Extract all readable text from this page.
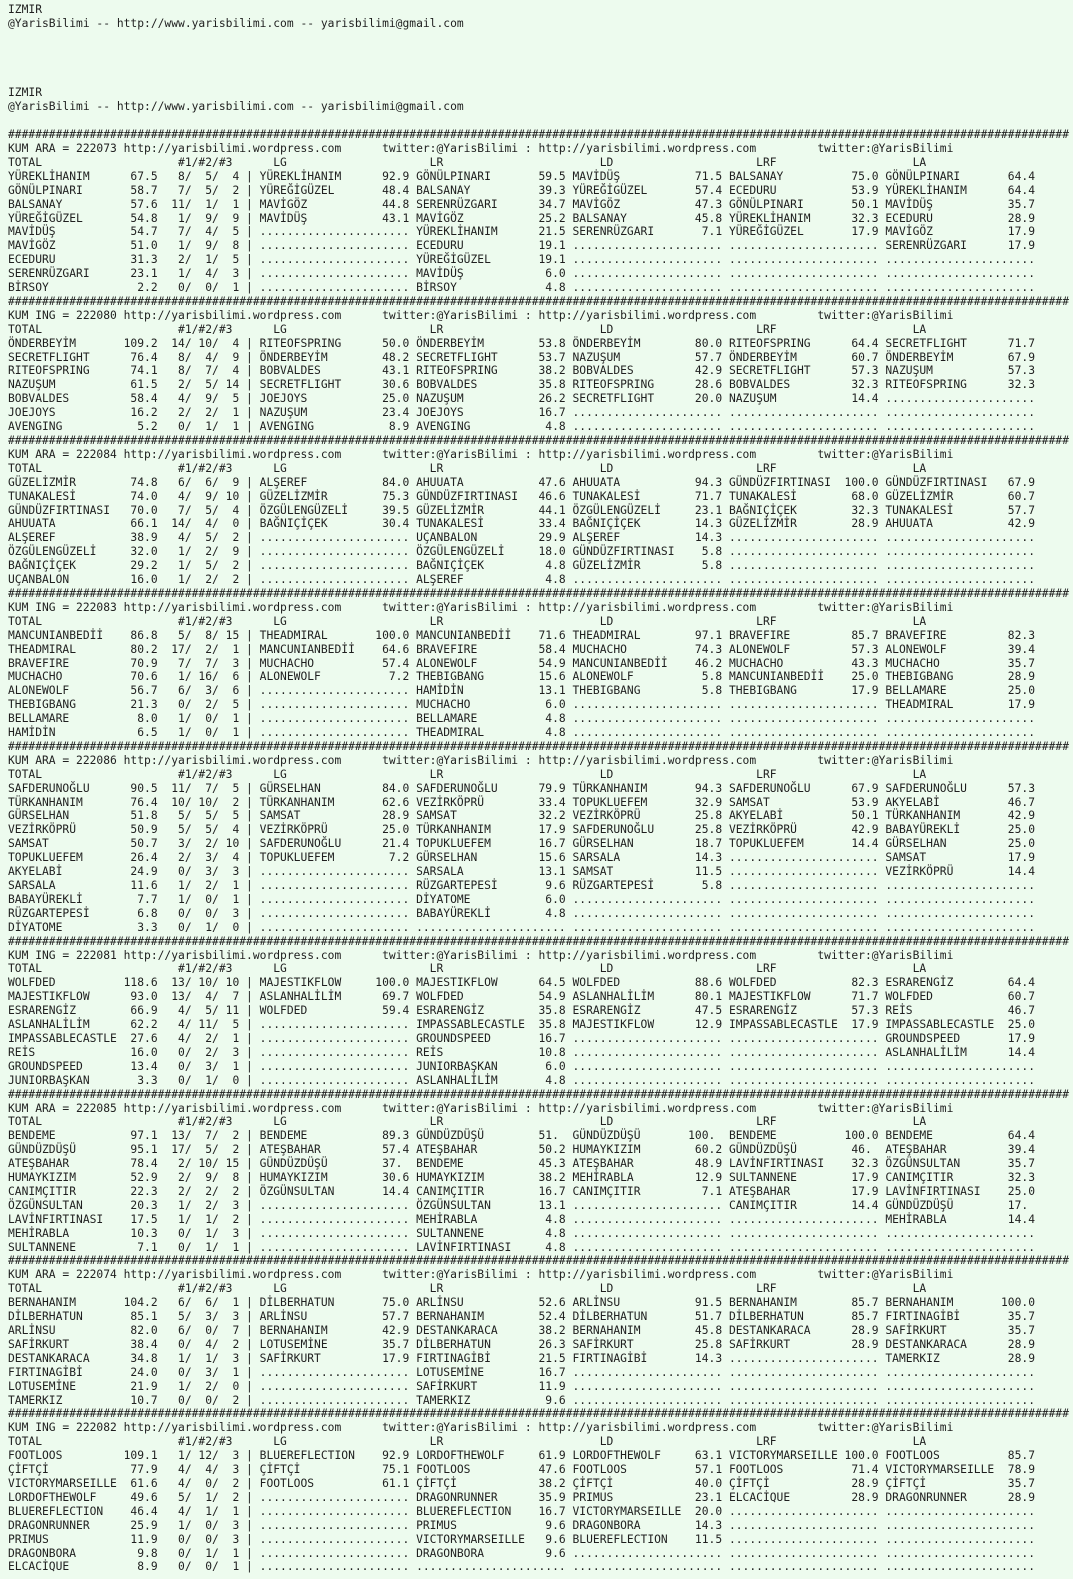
IZMIR
@YarisBilimi -- http://www.yarisbilimi.com -- yarisbilimi@gmail.com
IZMIR
@YarisBilimi -- http://www.yarisbilimi.com -- yarisbilimi@gmail.com
############################################################################################################################################################
KUM ARA = 222073 http://yarisbilimi.wordpress.com      twitter:@YarisBilimi : http://yarisbilimi.wordpress.com         twitter:@YarisBilimi
TOTAL                    #1/#2/#3      LG                     LR                       LD                     LRF                    LA
YÜREKLİHANIM      67.5   8/  5/  4 | YÜREKLİHANIM      92.9 GÖNÜLPINARI       59.5 MAVİDÜŞ           71.5 BALSANAY          75.0 GÖNÜLPINARI       64.4
GÖNÜLPINARI       58.7   7/  5/  2 | YÜREĞİGÜZEL       48.4 BALSANAY          39.3 YÜREĞİGÜZEL       57.4 ECEDURU           53.9 YÜREKLİHANIM      64.4
BALSANAY          57.6  11/  1/  1 | MAVİGÖZ           44.8 SERENRÜZGARI      34.7 MAVİGÖZ           47.3 GÖNÜLPINARI       50.1 MAVİDÜŞ           35.7
YÜREĞİGÜZEL       54.8   1/  9/  9 | MAVİDÜŞ           43.1 MAVİGÖZ           25.2 BALSANAY          45.8 YÜREKLİHANIM      32.3 ECEDURU           28.9
MAVİDÜŞ           54.7   7/  4/  5 | ...................... YÜREKLİHANIM      21.5 SERENRÜZGARI       7.1 YÜREĞİGÜZEL       17.9 MAVİGÖZ           17.9
MAVİGÖZ           51.0   1/  9/  8 | ...................... ECEDURU           19.1 ...................... ...................... SERENRÜZGARI      17.9
ECEDURU           31.3   2/  1/  5 | ...................... YÜREĞİGÜZEL       19.1 ...................... ...................... ......................
SERENRÜZGARI      23.1   1/  4/  3 | ...................... MAVİDÜŞ            6.0 ...................... ...................... ......................
BİRSOY             2.2   0/  0/  1 | ...................... BİRSOY             4.8 ...................... ...................... ......................
############################################################################################################################################################
KUM ING = 222080 http://yarisbilimi.wordpress.com      twitter:@YarisBilimi : http://yarisbilimi.wordpress.com         twitter:@YarisBilimi
TOTAL                    #1/#2/#3      LG                     LR                       LD                     LRF                    LA
ÖNDERBEYİM       109.2  14/ 10/  4 | RITEOFSPRING      50.0 ÖNDERBEYİM        53.8 ÖNDERBEYİM        80.0 RITEOFSPRING      64.4 SECRETFLIGHT      71.7
SECRETFLIGHT      76.4   8/  4/  9 | ÖNDERBEYİM        48.2 SECRETFLIGHT      53.7 NAZUŞUM           57.7 ÖNDERBEYİM        60.7 ÖNDERBEYİM        67.9
RITEOFSPRING      74.1   8/  7/  4 | BOBVALDES         43.1 RITEOFSPRING      38.2 BOBVALDES         42.9 SECRETFLIGHT      57.3 NAZUŞUM           57.3
NAZUŞUM           61.5   2/  5/ 14 | SECRETFLIGHT      30.6 BOBVALDES         35.8 RITEOFSPRING      28.6 BOBVALDES         32.3 RITEOFSPRING      32.3
BOBVALDES         58.4   4/  9/  5 | JOEJOYS           25.0 NAZUŞUM           26.2 SECRETFLIGHT      20.0 NAZUŞUM           14.4 ......................
JOEJOYS           16.2   2/  2/  1 | NAZUŞUM           23.4 JOEJOYS           16.7 ...................... ...................... ......................
AVENGING           5.2   0/  1/  1 | AVENGING           8.9 AVENGING           4.8 ...................... ...................... ......................
############################################################################################################################################################
KUM ARA = 222084 http://yarisbilimi.wordpress.com      twitter:@YarisBilimi : http://yarisbilimi.wordpress.com         twitter:@YarisBilimi
TOTAL                    #1/#2/#3      LG                     LR                       LD                     LRF                    LA
GÜZELİZMİR        74.8   6/  6/  9 | ALŞEREF           84.0 AHUUATA           47.6 AHUUATA           94.3 GÜNDÜZFIRTINASI  100.0 GÜNDÜZFIRTINASI   67.9
TUNAKALESİ        74.0   4/  9/ 10 | GÜZELİZMİR        75.3 GÜNDÜZFIRTINASI   46.6 TUNAKALESİ        71.7 TUNAKALESİ        68.0 GÜZELİZMİR        60.7
GÜNDÜZFIRTINASI   70.0   7/  5/  4 | ÖZGÜLENGÜZELİ     39.5 GÜZELİZMİR        44.1 ÖZGÜLENGÜZELİ     23.1 BAĞNIÇİÇEK        32.3 TUNAKALESİ        57.7
AHUUATA           66.1  14/  4/  0 | BAĞNIÇİÇEK        30.4 TUNAKALESİ        33.4 BAĞNIÇİÇEK        14.3 GÜZELİZMİR        28.9 AHUUATA           42.9
ALŞEREF           38.9   4/  5/  2 | ...................... UÇANBALON         29.9 ALŞEREF           14.3 ...................... ......................
ÖZGÜLENGÜZELİ     32.0   1/  2/  9 | ...................... ÖZGÜLENGÜZELİ     18.0 GÜNDÜZFIRTINASI    5.8 ...................... ......................
BAĞNIÇİÇEK        29.2   1/  5/  2 | ...................... BAĞNIÇİÇEK         4.8 GÜZELİZMİR         5.8 ...................... ......................
UÇANBALON         16.0   1/  2/  2 | ...................... ALŞEREF            4.8 ...................... ...................... ......................
############################################################################################################################################################
KUM ING = 222083 http://yarisbilimi.wordpress.com      twitter:@YarisBilimi : http://yarisbilimi.wordpress.com         twitter:@YarisBilimi
TOTAL                    #1/#2/#3      LG                     LR                       LD                     LRF                    LA
MANCUNIANBEDİİ    86.8   5/  8/ 15 | THEADMIRAL       100.0 MANCUNIANBEDİİ    71.6 THEADMIRAL        97.1 BRAVEFIRE         85.7 BRAVEFIRE         82.3
THEADMIRAL        80.2  17/  2/  1 | MANCUNIANBEDİİ    64.6 BRAVEFIRE         58.4 MUCHACHO          74.3 ALONEWOLF         57.3 ALONEWOLF         39.4
BRAVEFIRE         70.9   7/  7/  3 | MUCHACHO          57.4 ALONEWOLF         54.9 MANCUNIANBEDİİ    46.2 MUCHACHO          43.3 MUCHACHO          35.7
MUCHACHO          70.6   1/ 16/  6 | ALONEWOLF          7.2 THEBIGBANG        15.6 ALONEWOLF          5.8 MANCUNIANBEDİİ    25.0 THEBIGBANG        28.9
ALONEWOLF         56.7   6/  3/  6 | ...................... HAMİDİN           13.1 THEBIGBANG         5.8 THEBIGBANG        17.9 BELLAMARE         25.0
THEBIGBANG        21.3   0/  2/  5 | ...................... MUCHACHO           6.0 ...................... ...................... THEADMIRAL        17.9
BELLAMARE          8.0   1/  0/  1 | ...................... BELLAMARE          4.8 ...................... ...................... ......................
HAMİDİN            6.5   1/  0/  1 | ...................... THEADMIRAL         4.8 ...................... ...................... ......................
############################################################################################################################################################
KUM ARA = 222086 http://yarisbilimi.wordpress.com      twitter:@YarisBilimi : http://yarisbilimi.wordpress.com         twitter:@YarisBilimi
TOTAL                    #1/#2/#3      LG                     LR                       LD                     LRF                    LA
SAFDERUNOĞLU      90.5  11/  7/  5 | GÜRSELHAN         84.0 SAFDERUNOĞLU      79.9 TÜRKANHANIM       94.3 SAFDERUNOĞLU      67.9 SAFDERUNOĞLU      57.3
TÜRKANHANIM       76.4  10/ 10/  2 | TÜRKANHANIM       62.6 VEZİRKÖPRÜ        33.4 TOPUKLUEFEM       32.9 SAMSAT            53.9 AKYELABİ          46.7
GÜRSELHAN         51.8   5/  5/  5 | SAMSAT            28.9 SAMSAT            32.2 VEZİRKÖPRÜ        25.8 AKYELABİ          50.1 TÜRKANHANIM       42.9
VEZİRKÖPRÜ        50.9   5/  5/  4 | VEZİRKÖPRÜ        25.0 TÜRKANHANIM       17.9 SAFDERUNOĞLU      25.8 VEZİRKÖPRÜ        42.9 BABAYÜREKLİ       25.0
SAMSAT            50.7   3/  2/ 10 | SAFDERUNOĞLU      21.4 TOPUKLUEFEM       16.7 GÜRSELHAN         18.7 TOPUKLUEFEM       14.4 GÜRSELHAN         25.0
TOPUKLUEFEM       26.4   2/  3/  4 | TOPUKLUEFEM        7.2 GÜRSELHAN         15.6 SARSALA           14.3 ...................... SAMSAT            17.9
AKYELABİ          24.9   0/  3/  3 | ...................... SARSALA           13.1 SAMSAT            11.5 ...................... VEZİRKÖPRÜ        14.4
SARSALA           11.6   1/  2/  1 | ...................... RÜZGARTEPESİ       9.6 RÜZGARTEPESİ       5.8 ...................... ......................
BABAYÜREKLİ        7.7   1/  0/  1 | ...................... DİYATOME           6.0 ...................... ...................... ......................
RÜZGARTEPESİ       6.8   0/  0/  3 | ...................... BABAYÜREKLİ        4.8 ...................... ...................... ......................
DİYATOME           3.3   0/  1/  0 | ...................... ...................... ...................... ...................... ......................
############################################################################################################################################################
KUM ING = 222081 http://yarisbilimi.wordpress.com      twitter:@YarisBilimi : http://yarisbilimi.wordpress.com         twitter:@YarisBilimi
TOTAL                    #1/#2/#3      LG                     LR                       LD                     LRF                    LA
WOLFDED          118.6  13/ 10/ 10 | MAJESTIKFLOW     100.0 MAJESTIKFLOW      64.5 WOLFDED           88.6 WOLFDED           82.3 ESRARENGİZ        64.4
MAJESTIKFLOW      93.0  13/  4/  7 | ASLANHALİLİM      69.7 WOLFDED           54.9 ASLANHALİLİM      80.1 MAJESTIKFLOW      71.7 WOLFDED           60.7
ESRARENGİZ        66.9   4/  5/ 11 | WOLFDED           59.4 ESRARENGİZ        35.8 ESRARENGİZ        47.5 ESRARENGİZ        57.3 REİS              46.7
ASLANHALİLİM      62.2   4/ 11/  5 | ...................... IMPASSABLECASTLE  35.8 MAJESTIKFLOW      12.9 IMPASSABLECASTLE  17.9 IMPASSABLECASTLE  25.0
IMPASSABLECASTLE  27.6   4/  2/  1 | ...................... GROUNDSPEED       16.7 ...................... ...................... GROUNDSPEED       17.9
REİS              16.0   0/  2/  3 | ...................... REİS              10.8 ...................... ...................... ASLANHALİLİM      14.4
GROUNDSPEED       13.4   0/  3/  1 | ...................... JUNIORBAŞKAN       6.0 ...................... ...................... ......................
JUNIORBAŞKAN       3.3   0/  1/  0 | ...................... ASLANHALİLİM       4.8 ...................... ...................... ......................
############################################################################################################################################################
KUM ARA = 222085 http://yarisbilimi.wordpress.com      twitter:@YarisBilimi : http://yarisbilimi.wordpress.com         twitter:@YarisBilimi
TOTAL                    #1/#2/#3      LG                     LR                       LD                     LRF                    LA
BENDEME           97.1  13/  7/  2 | BENDEME           89.3 GÜNDÜZDÜŞÜ        51.  GÜNDÜZDÜŞÜ       100.  BENDEME          100.0 BENDEME           64.4
GÜNDÜZDÜŞÜ        95.1  17/  5/  2 | ATEŞBAHAR         57.4 ATEŞBAHAR         50.2 HUMAYKIZIM        60.2 GÜNDÜZDÜŞÜ        46.  ATEŞBAHAR         39.4
ATEŞBAHAR         78.4   2/ 10/ 15 | GÜNDÜZDÜŞÜ        37.  BENDEME           45.3 ATEŞBAHAR         48.9 LAVİNFIRTINASI    32.3 ÖZGÜNSULTAN       35.7
HUMAYKIZIM        52.9   2/  9/  8 | HUMAYKIZIM        30.6 HUMAYKIZIM        38.2 MEHİRABLA         12.9 SULTANNENE        17.9 CANIMÇITIR        32.3
CANIMÇITIR        22.3   2/  2/  2 | ÖZGÜNSULTAN       14.4 CANIMÇITIR        16.7 CANIMÇITIR         7.1 ATEŞBAHAR         17.9 LAVİNFIRTINASI    25.0
ÖZGÜNSULTAN       20.3   1/  2/  3 | ...................... ÖZGÜNSULTAN       13.1 ...................... CANIMÇITIR        14.4 GÜNDÜZDÜŞÜ        17.
LAVİNFIRTINASI    17.5   1/  1/  2 | ...................... MEHİRABLA          4.8 ...................... ...................... MEHİRABLA         14.4
MEHİRABLA         10.3   0/  1/  3 | ...................... SULTANNENE         4.8 ...................... ...................... ......................
SULTANNENE         7.1   0/  1/  1 | ...................... LAVİNFIRTINASI     4.8 ...................... ...................... ......................
############################################################################################################################################################
KUM ARA = 222074 http://yarisbilimi.wordpress.com      twitter:@YarisBilimi : http://yarisbilimi.wordpress.com         twitter:@YarisBilimi
TOTAL                    #1/#2/#3      LG                     LR                       LD                     LRF                    LA
BERNAHANIM       104.2   6/  6/  1 | DİLBERHATUN       75.0 ARLİNSU           52.6 ARLİNSU           91.5 BERNAHANIM        85.7 BERNAHANIM       100.0
DİLBERHATUN       85.1   5/  3/  3 | ARLİNSU           57.7 BERNAHANIM        52.4 DİLBERHATUN       51.7 DİLBERHATUN       85.7 FIRTINAGİBİ       35.7
ARLİNSU           82.0   6/  0/  7 | BERNAHANIM        42.9 DESTANKARACA      38.2 BERNAHANIM        45.8 DESTANKARACA      28.9 SAFİRKURT         35.7
SAFİRKURT         38.4   0/  4/  2 | LOTUSEMİNE        35.7 DİLBERHATUN       26.3 SAFİRKURT         25.8 SAFİRKURT         28.9 DESTANKARACA      28.9
DESTANKARACA      34.8   1/  1/  3 | SAFİRKURT         17.9 FIRTINAGİBİ       21.5 FIRTINAGİBİ       14.3 ...................... TAMERKIZ          28.9
FIRTINAGİBİ       24.0   0/  3/  1 | ...................... LOTUSEMİNE        16.7 ...................... ...................... ......................
LOTUSEMİNE        21.9   1/  2/  0 | ...................... SAFİRKURT         11.9 ...................... ...................... ......................
TAMERKIZ          10.7   0/  0/  2 | ...................... TAMERKIZ           9.6 ...................... ...................... ......................
############################################################################################################################################################
KUM ING = 222082 http://yarisbilimi.wordpress.com      twitter:@YarisBilimi : http://yarisbilimi.wordpress.com         twitter:@YarisBilimi
TOTAL                    #1/#2/#3      LG                     LR                       LD                     LRF                    LA
FOOTLOOS         109.1   1/ 12/  3 | BLUEREFLECTION    92.9 LORDOFTHEWOLF     61.9 LORDOFTHEWOLF     63.1 VICTORYMARSEILLE 100.0 FOOTLOOS          85.7
ÇİFTÇİ            77.9   4/  4/  3 | ÇİFTÇİ            75.1 FOOTLOOS          47.6 FOOTLOOS          57.1 FOOTLOOS          71.4 VICTORYMARSEILLE  78.9
VICTORYMARSEILLE  61.6   4/  0/  2 | FOOTLOOS          61.1 ÇİFTÇİ            38.2 ÇİFTÇİ            40.0 ÇİFTÇİ            28.9 ÇİFTÇİ            35.7
LORDOFTHEWOLF     49.6   5/  1/  2 | ...................... DRAGONRUNNER      35.9 PRIMUS            23.1 ELCACİQUE         28.9 DRAGONRUNNER      28.9
BLUEREFLECTION    46.4   4/  1/  1 | ...................... BLUEREFLECTION    16.7 VICTORYMARSEILLE  20.0 ...................... ......................
DRAGONRUNNER      25.9   1/  0/  3 | ...................... PRIMUS             9.6 DRAGONBORA        14.3 ...................... ......................
PRIMUS            11.9   0/  0/  3 | ...................... VICTORYMARSEILLE   9.6 BLUEREFLECTION    11.5 ...................... ......................
DRAGONBORA         9.8   0/  1/  1 | ...................... DRAGONBORA         9.6 ...................... ...................... ......................
ELCACİQUE          8.9   0/  0/  1 | ...................... ...................... ...................... ...................... ......................
